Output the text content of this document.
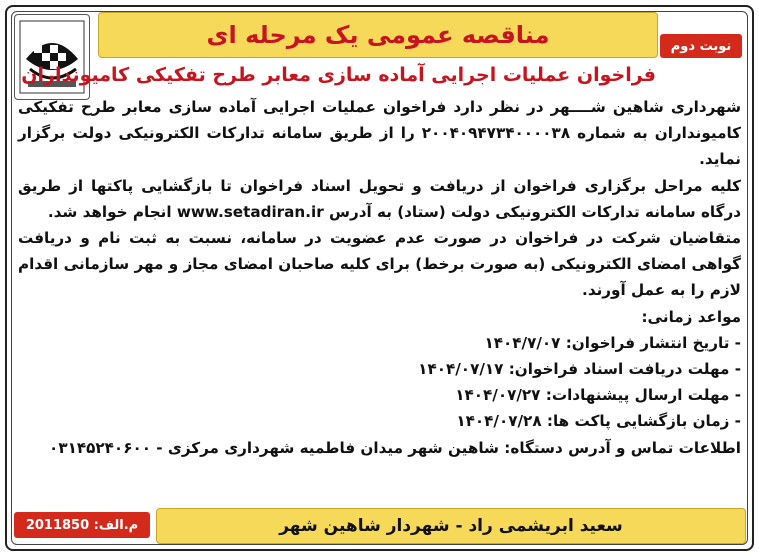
مناقصه عمومی یک مرحله ای	نوبت دوم
فراخوان عملیات اجرایی آماده سازی معابر طرح تفکیکی کامیونداران

شهرداری شاهین شــــهر در نظر دارد فراخوان عملیات اجرایی آماده سازی معابر طرح تفکیکی کامیونداران به شماره ۲۰۰۴۰۹۴۷۳۴۰۰۰۰۳۸ را از طریق سامانه تدارکات الکترونیکی دولت برگزار نماید.

کلیه مراحل برگزاری فراخوان از دریافت و تحویل اسناد فراخوان تا بازگشایی پاکتها از طریق درگاه سامانه تدارکات الکترونیکی دولت (ستاد) به آدرس www.setadiran.ir انجام خواهد شد.

متقاضیان شرکت در فراخوان در صورت عدم عضویت در سامانه، نسبت به ثبت نام و دریافت گواهی امضای الکترونیکی (به صورت برخط) برای کلیه صاحبان امضای مجاز و مهر سازمانی اقدام لازم را به عمل آورند.

مواعد زمانی:

- تاریخ انتشار فراخوان: ۱۴۰۴/۷/۰۷

- مهلت دریافت اسناد فراخوان: ۱۴۰۴/۰۷/۱۷

- مهلت ارسال پیشنهادات: ۱۴۰۴/۰۷/۲۷

- زمان بازگشایی پاکت ها: ۱۴۰۴/۰۷/۲۸

اطلاعات تماس و آدرس دستگاه: شاهین شهر میدان فاطمیه شهرداری مرکزی - ۰۳۱۴۵۲۴۰۶۰۰

سعید ابریشمی راد - شهردار شاهین شهر
م.الف: 2011850
